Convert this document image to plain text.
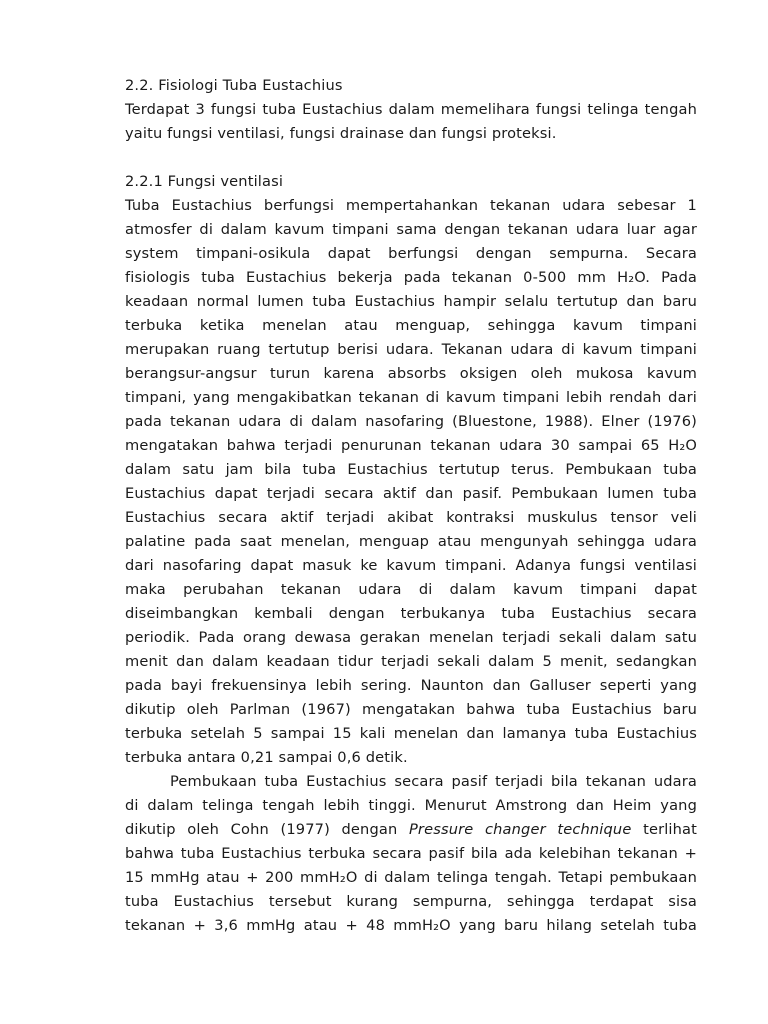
2.2. Fisiologi Tuba Eustachius
Terdapat 3 fungsi tuba Eustachius dalam memelihara fungsi telinga tengah
yaitu fungsi ventilasi, fungsi drainase dan fungsi proteksi.
2.2.1 Fungsi ventilasi
Tuba Eustachius berfungsi mempertahankan tekanan udara sebesar 1
atmosfer di dalam kavum timpani sama dengan tekanan udara luar agar
system timpani-osikula dapat berfungsi dengan sempurna. Secara
fisiologis tuba Eustachius bekerja pada tekanan 0-500 mm H₂O. Pada
keadaan normal lumen tuba Eustachius hampir selalu tertutup dan baru
terbuka ketika menelan atau menguap, sehingga kavum timpani
merupakan ruang tertutup berisi udara. Tekanan udara di kavum timpani
berangsur-angsur turun karena absorbs oksigen oleh mukosa kavum
timpani, yang mengakibatkan tekanan di kavum timpani lebih rendah dari
pada tekanan udara di dalam nasofaring (Bluestone, 1988). Elner (1976)
mengatakan bahwa terjadi penurunan tekanan udara 30 sampai 65 H₂O
dalam satu jam bila tuba Eustachius tertutup terus. Pembukaan tuba
Eustachius dapat terjadi secara aktif dan pasif. Pembukaan lumen tuba
Eustachius secara aktif terjadi akibat kontraksi muskulus tensor veli
palatine pada saat menelan, menguap atau mengunyah sehingga udara
dari nasofaring dapat masuk ke kavum timpani. Adanya fungsi ventilasi
maka perubahan tekanan udara di dalam kavum timpani dapat
diseimbangkan kembali dengan terbukanya tuba Eustachius secara
periodik. Pada orang dewasa gerakan menelan terjadi sekali dalam satu
menit dan dalam keadaan tidur terjadi sekali dalam 5 menit, sedangkan
pada bayi frekuensinya lebih sering. Naunton dan Galluser seperti yang
dikutip oleh Parlman (1967) mengatakan bahwa tuba Eustachius baru
terbuka setelah 5 sampai 15 kali menelan dan lamanya tuba Eustachius
terbuka antara 0,21 sampai 0,6 detik.
Pembukaan tuba Eustachius secara pasif terjadi bila tekanan udara
di dalam telinga tengah lebih tinggi. Menurut Amstrong dan Heim yang
dikutip oleh Cohn (1977) dengan Pressure changer technique terlihat
bahwa tuba Eustachius terbuka secara pasif bila ada kelebihan tekanan +
15 mmHg atau + 200 mmH₂O di dalam telinga tengah. Tetapi pembukaan
tuba Eustachius tersebut kurang sempurna, sehingga terdapat sisa
tekanan + 3,6 mmHg atau + 48 mmH₂O yang baru hilang setelah tuba
